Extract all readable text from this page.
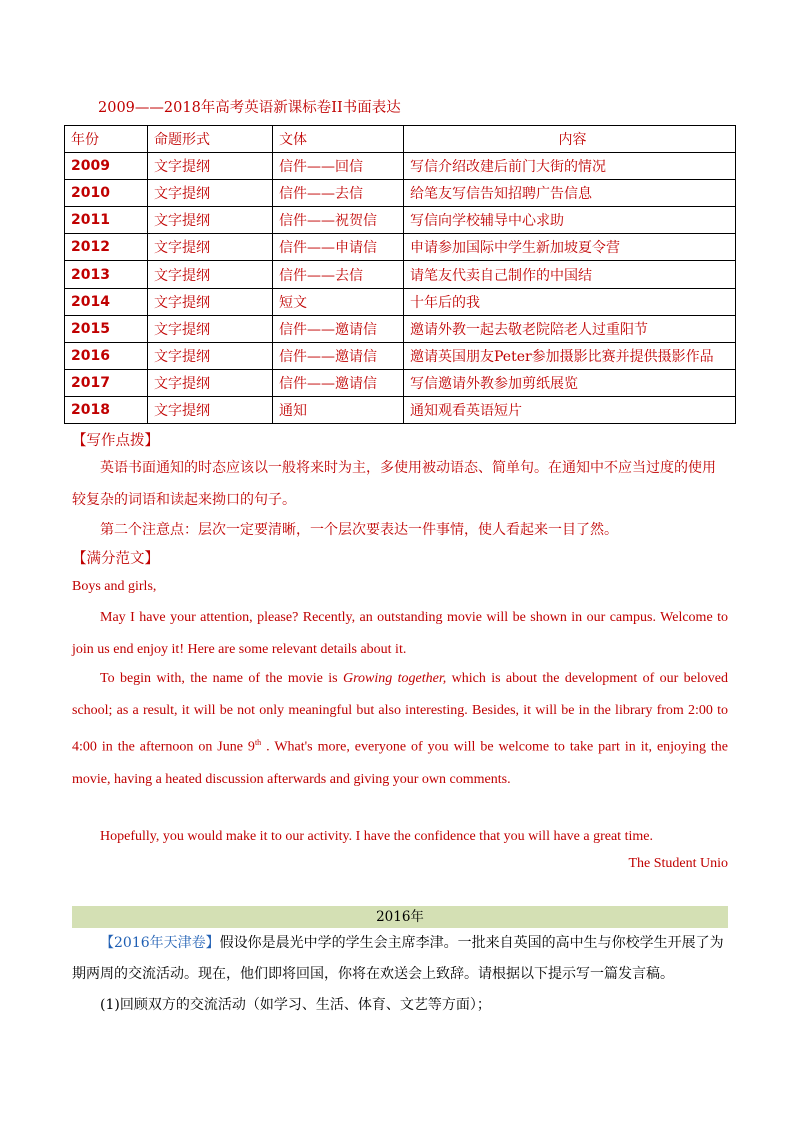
2009——2018年高考英语新课标卷II书面表达
年份	命题形式	文体	内容
2009	文字提纲	信件——回信	写信介绍改建后前门大街的情况
2010	文字提纲	信件——去信	给笔友写信告知招聘广告信息
2011	文字提纲	信件——祝贺信	写信向学校辅导中心求助
2012	文字提纲	信件——申请信	申请参加国际中学生新加坡夏令营
2013	文字提纲	信件——去信	请笔友代卖自己制作的中国结
2014	文字提纲	短文	十年后的我
2015	文字提纲	信件——邀请信	邀请外教一起去敬老院陪老人过重阳节
2016	文字提纲	信件——邀请信	邀请英国朋友Peter参加摄影比赛并提供摄影作品
2017	文字提纲	信件——邀请信	写信邀请外教参加剪纸展览
2018	文字提纲	通知	通知观看英语短片
【写作点拨】
英语书面通知的时态应该以一般将来时为主，多使用被动语态、简单句。在通知中不应当过度的使用较复杂的词语和读起来拗口的句子。
第二个注意点：层次一定要清晰，一个层次要表达一件事情，使人看起来一目了然。
【满分范文】
Boys and girls,
May I have your attention, please? Recently, an outstanding movie will be shown in our campus. Welcome to join us end enjoy it! Here are some relevant details about it.
To begin with, the name of the movie is Growing together, which is about the development of our beloved school; as a result, it will be not only meaningful but also interesting. Besides, it will be in the library from 2:00 to 4:00 in the afternoon on June 9th . What's more, everyone of you will be welcome to take part in it, enjoying the movie, having a heated discussion afterwards and giving your own comments.
Hopefully, you would make it to our activity. I have the confidence that you will have a great time.
The Student Unio
2016年
【2016年天津卷】假设你是晨光中学的学生会主席李津。一批来自英国的高中生与你校学生开展了为期两周的交流活动。现在，他们即将回国，你将在欢送会上致辞。请根据以下提示写一篇发言稿。
(1)回顾双方的交流活动（如学习、生活、体育、文艺等方面）；
